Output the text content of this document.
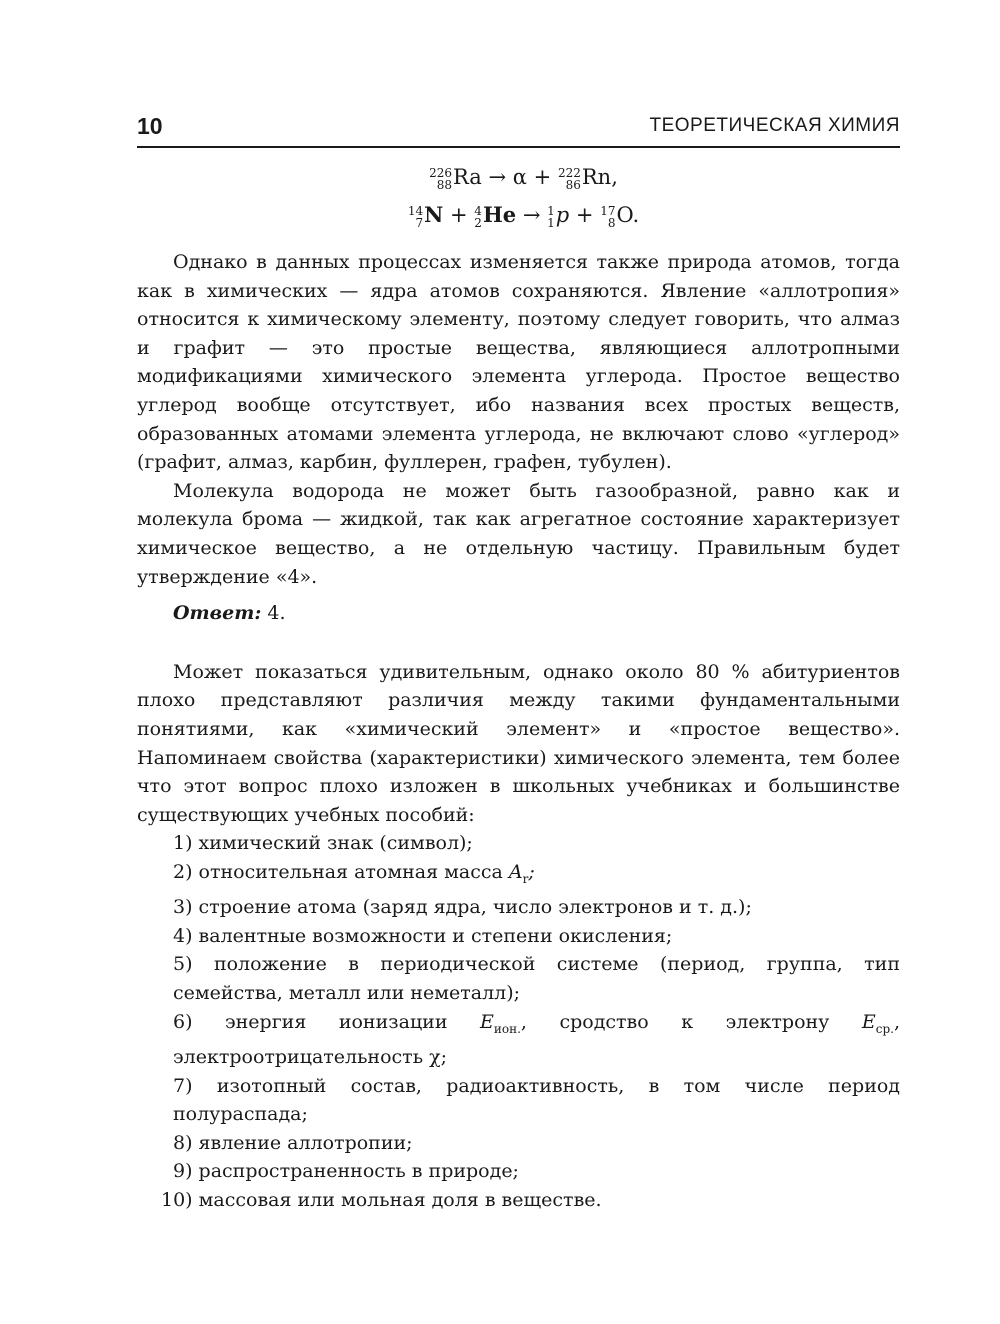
10	ТЕОРЕТИЧЕСКАЯ ХИМИЯ
226
88 Ra → α + 222
86 Rn,
14
7 N + 4
2 He → 1
1 p + 17
8 O.

Однако в данных процессах изменяется также природа атомов, тогда как в химических — ядра атомов сохраняются. Явление «аллотропия» относится к химическому элементу, поэтому следует говорить, что алмаз и графит — это простые вещества, являющиеся аллотропными модификациями химического элемента углерода. Простое вещество углерод вообще отсутствует, ибо названия всех простых веществ, образованных атомами элемента углерода, не включают слово «углерод» (графит, алмаз, карбин, фуллерен, графен, тубулен).

Молекула водорода не может быть газообразной, равно как и молекула брома — жидкой, так как агрегатное состояние характеризует химическое вещество, а не отдельную частицу. Правильным будет утверждение «4».

Ответ: 4.

Может показаться удивительным, однако около 80 % абитуриентов плохо представляют различия между такими фундаментальными понятиями, как «химический элемент» и «простое вещество». Напоминаем свойства (характеристики) химического элемента, тем более что этот вопрос плохо изложен в школьных учебниках и большинстве существующих учебных пособий:

1) химический знак (символ);
2) относительная атомная масса $A_r$;
3) строение атома (заряд ядра, число электронов и т. д.);
4) валентные возможности и степени окисления;
5) положение в периодической системе (период, группа, тип семейства, металл или неметалл);
6) энергия ионизации $E_{ион.}$, сродство к электрону $E_{ср.}$, электроотрицательность χ;
7) изотопный состав, радиоактивность, в том числе период полураспада;
8) явление аллотропии;
9) распространенность в природе;
10) массовая или мольная доля в веществе.
